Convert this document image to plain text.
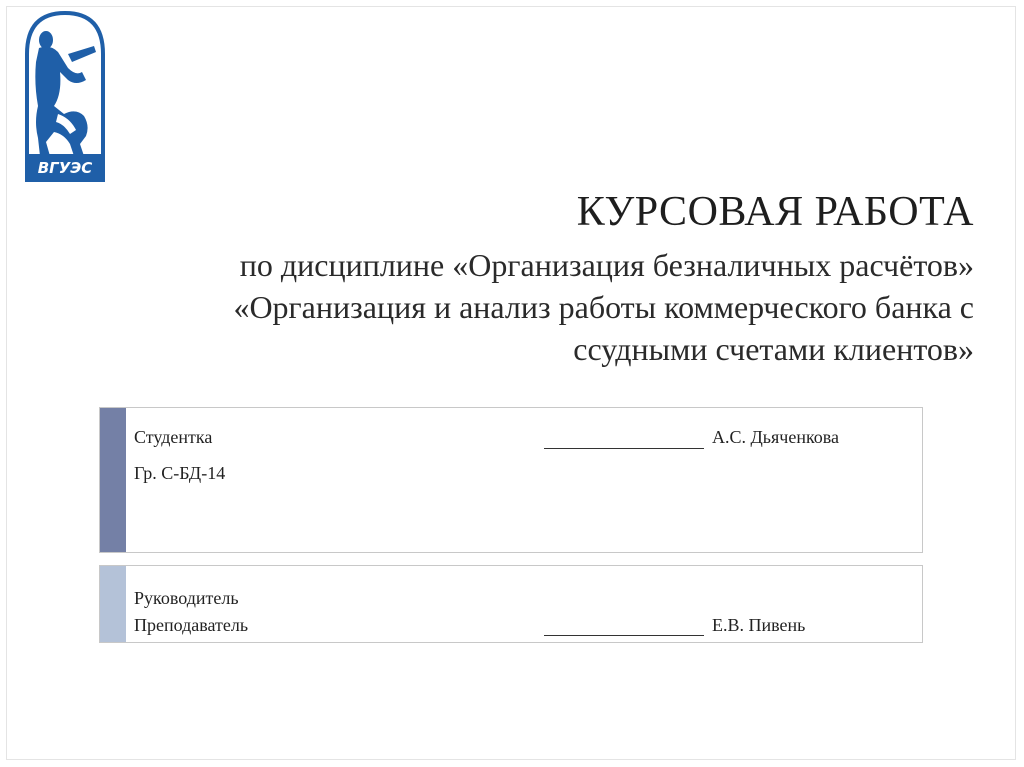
ВГУЭС
КУРСОВАЯ РАБОТА
по дисциплине «Организация безналичных расчётов»
«Организация и анализ работы коммерческого банка с
ссудными счетами клиентов»
Студентка
Гр. С-БД-14
А.С. Дьяченкова
Руководитель
Преподаватель	Е.В. Пивень
